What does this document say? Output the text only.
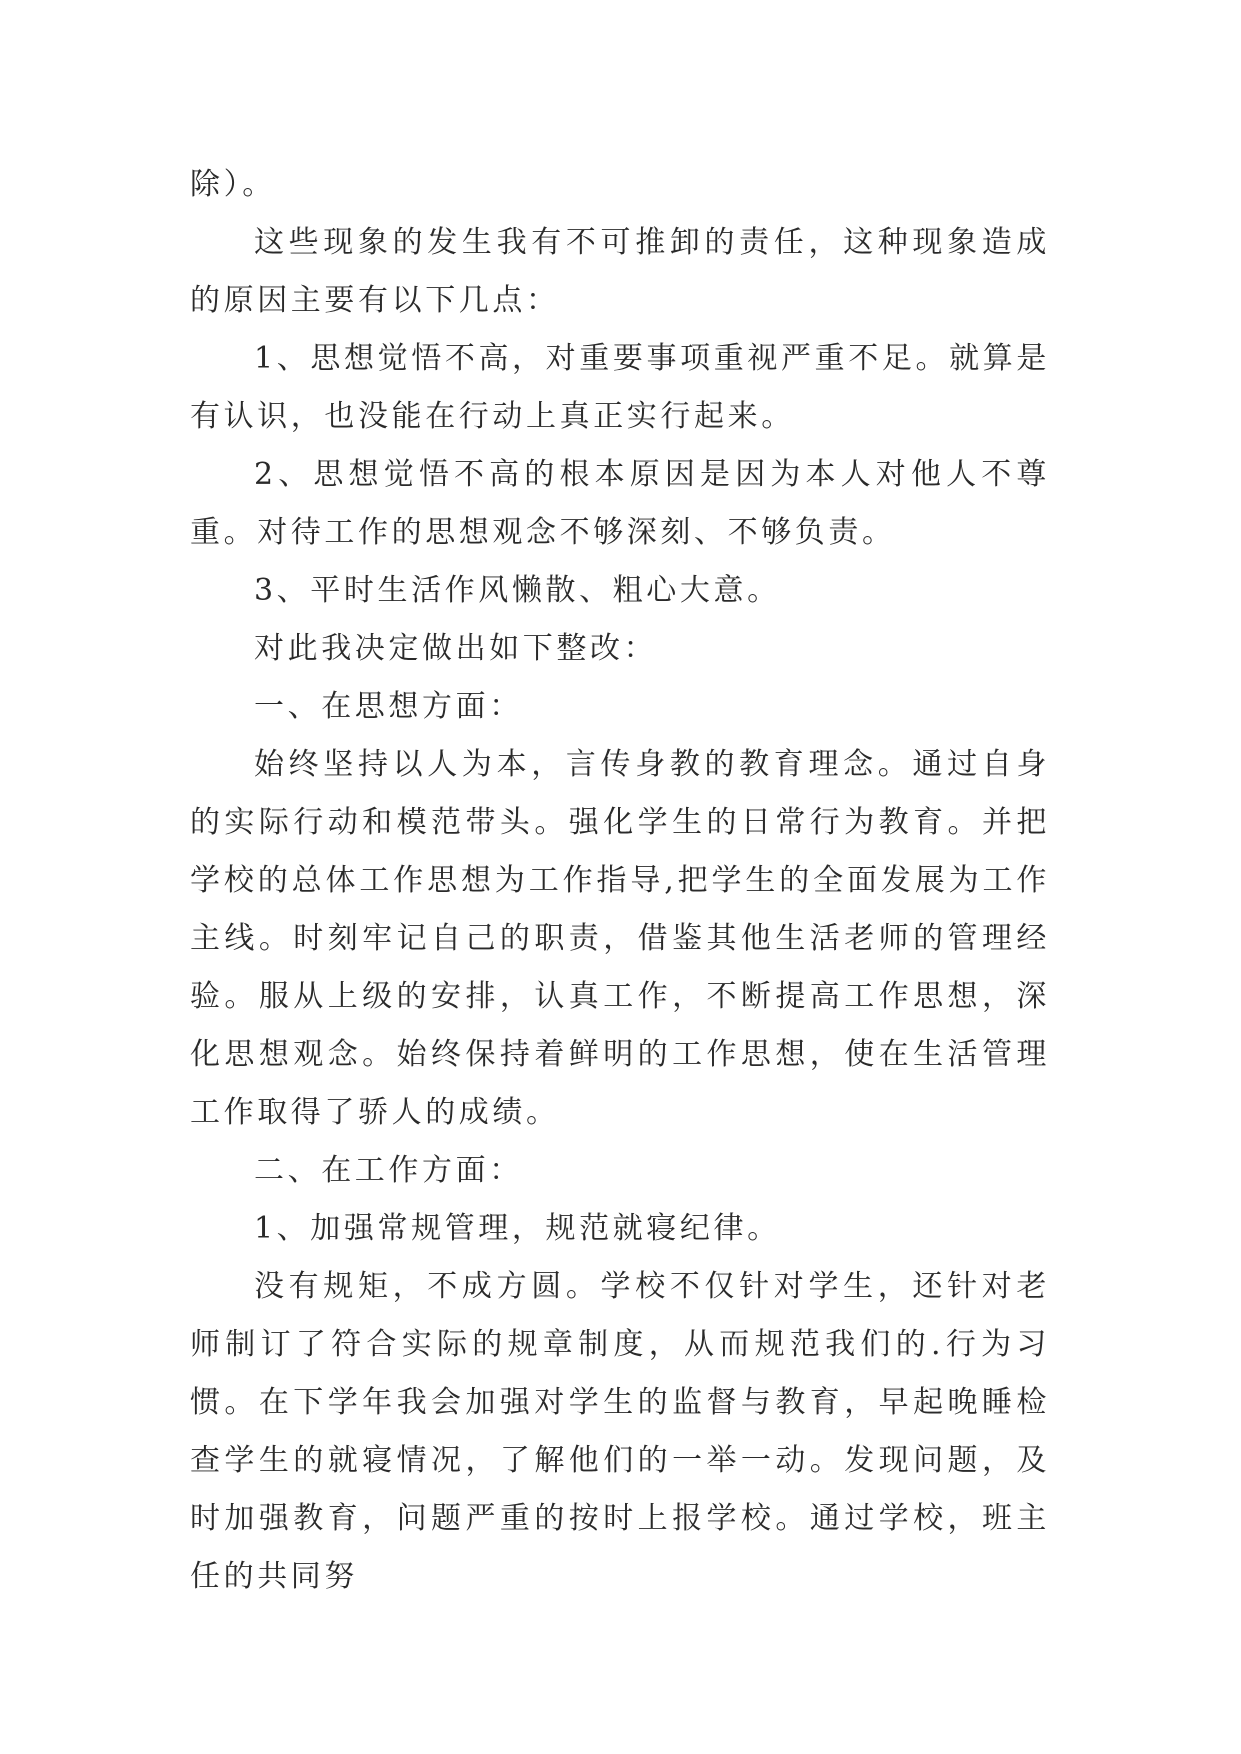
除）。

这些现象的发生我有不可推卸的责任，这种现象造成的原因主要有以下几点：

1、思想觉悟不高，对重要事项重视严重不足。就算是有认识，也没能在行动上真正实行起来。

2、思想觉悟不高的根本原因是因为本人对他人不尊重。对待工作的思想观念不够深刻、不够负责。

3、平时生活作风懒散、粗心大意。

对此我决定做出如下整改：

一、在思想方面：

始终坚持以人为本，言传身教的教育理念。通过自身的实际行动和模范带头。强化学生的日常行为教育。并把学校的总体工作思想为工作指导,把学生的全面发展为工作主线。时刻牢记自己的职责，借鉴其他生活老师的管理经验。服从上级的安排，认真工作，不断提高工作思想，深化思想观念。始终保持着鲜明的工作思想，使在生活管理工作取得了骄人的成绩。

二、在工作方面：

1、加强常规管理，规范就寝纪律。

没有规矩，不成方圆。学校不仅针对学生，还针对老师制订了符合实际的规章制度，从而规范我们的.行为习惯。在下学年我会加强对学生的监督与教育，早起晚睡检查学生的就寝情况，了解他们的一举一动。发现问题，及时加强教育，问题严重的按时上报学校。通过学校，班主任的共同努
